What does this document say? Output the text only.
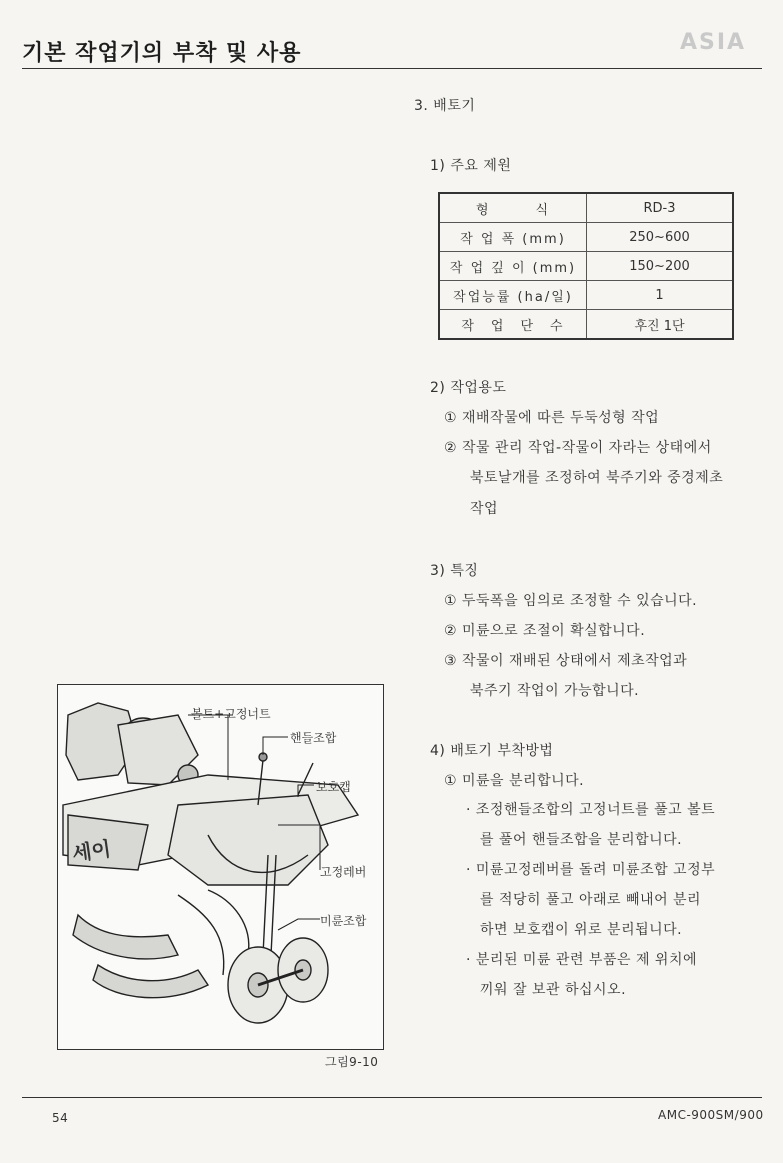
기본 작업기의 부착 및 사용	ASIA
3. 배토기
1) 주요 제원
형　　　식	RD-3
작 업 폭 (mm)	250~600
작 업 깊 이 (mm)	150~200
작업능률 (ha/일)	1
작　업　단　수	후진 1단
2) 작업용도
① 재배작물에 따른 두둑성형 작업
② 작물 관리 작업-작물이 자라는 상태에서
북토날개를 조정하여 북주기와 중경제초
작업
3) 특징
① 두둑폭을 임의로 조정할 수 있습니다.
② 미륜으로 조절이 확실합니다.
③ 작물이 재배된 상태에서 제초작업과
북주기 작업이 가능합니다.
4) 배토기 부착방법
① 미륜을 분리합니다.
· 조정핸들조합의 고정너트를 풀고 볼트
를 풀어 핸들조합을 분리합니다.
· 미륜고정레버를 돌려 미륜조합 고정부
를 적당히 풀고 아래로 빼내어 분리
하면 보호캡이 위로 분리됩니다.
· 분리된 미륜 관련 부품은 제 위치에
끼워 잘 보관 하십시오.
볼트+고정너트
핸들조합
보호캡
고정레버
미륜조합
세이
그림9-10
54	AMC-900SM/900
